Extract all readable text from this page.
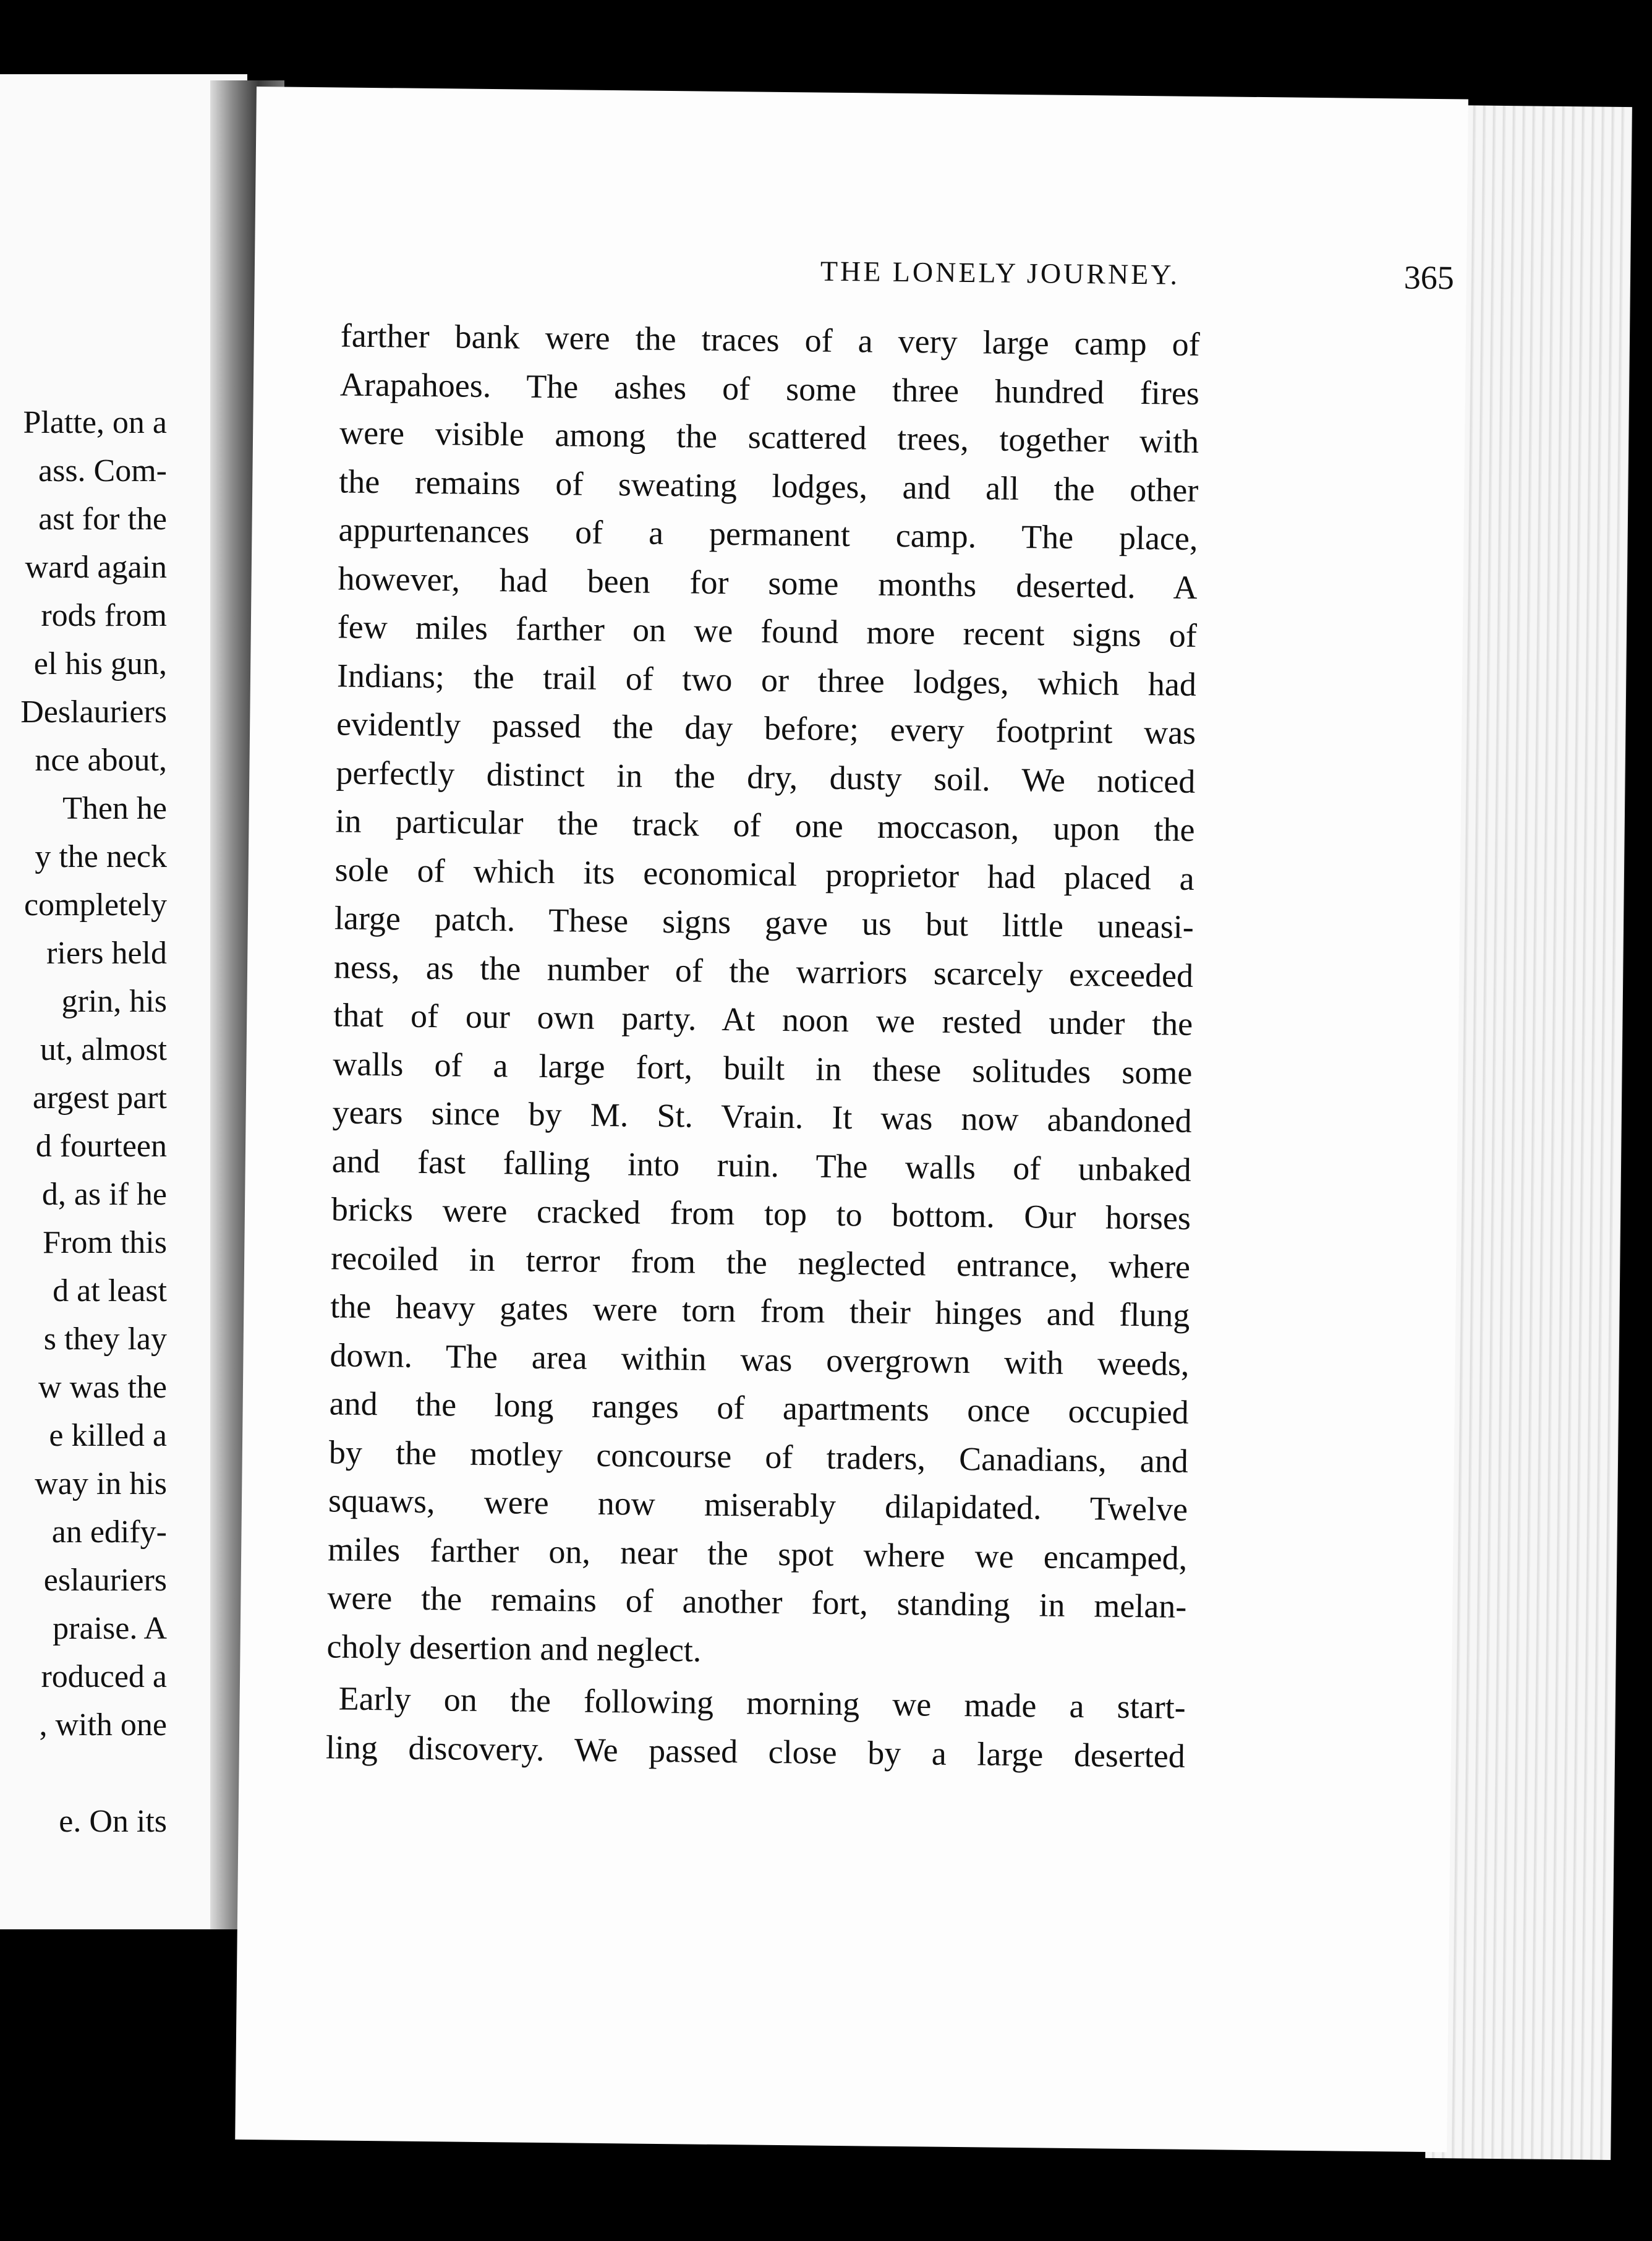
Platte, on a
ass. Com-
ast for the
ward again
rods from
el his gun,
Deslauriers
nce about,
Then he
y the neck
completely
riers held
grin, his
ut, almost
argest part
d fourteen
d, as if he
From this
d at least
s they lay
w was the
e killed a
way in his
an edify-
eslauriers
praise. A
roduced a
, with one
e. On its
THE LONELY JOURNEY.	365
farther bank were the traces of a very large camp of
Arapahoes. The ashes of some three hundred fires
were visible among the scattered trees, together with
the remains of sweating lodges, and all the other
appurtenances of a permanent camp. The place,
however, had been for some months deserted. A
few miles farther on we found more recent signs of
Indians; the trail of two or three lodges, which had
evidently passed the day before; every footprint was
perfectly distinct in the dry, dusty soil. We noticed
in particular the track of one moccason, upon the
sole of which its economical proprietor had placed a
large patch. These signs gave us but little uneasi-
ness, as the number of the warriors scarcely exceeded
that of our own party. At noon we rested under the
walls of a large fort, built in these solitudes some
years since by M. St. Vrain. It was now abandoned
and fast falling into ruin. The walls of unbaked
bricks were cracked from top to bottom. Our horses
recoiled in terror from the neglected entrance, where
the heavy gates were torn from their hinges and flung
down. The area within was overgrown with weeds,
and the long ranges of apartments once occupied
by the motley concourse of traders, Canadians, and
squaws, were now miserably dilapidated. Twelve
miles farther on, near the spot where we encamped,
were the remains of another fort, standing in melan-
choly desertion and neglect.
Early on the following morning we made a start-
ling discovery. We passed close by a large deserted
